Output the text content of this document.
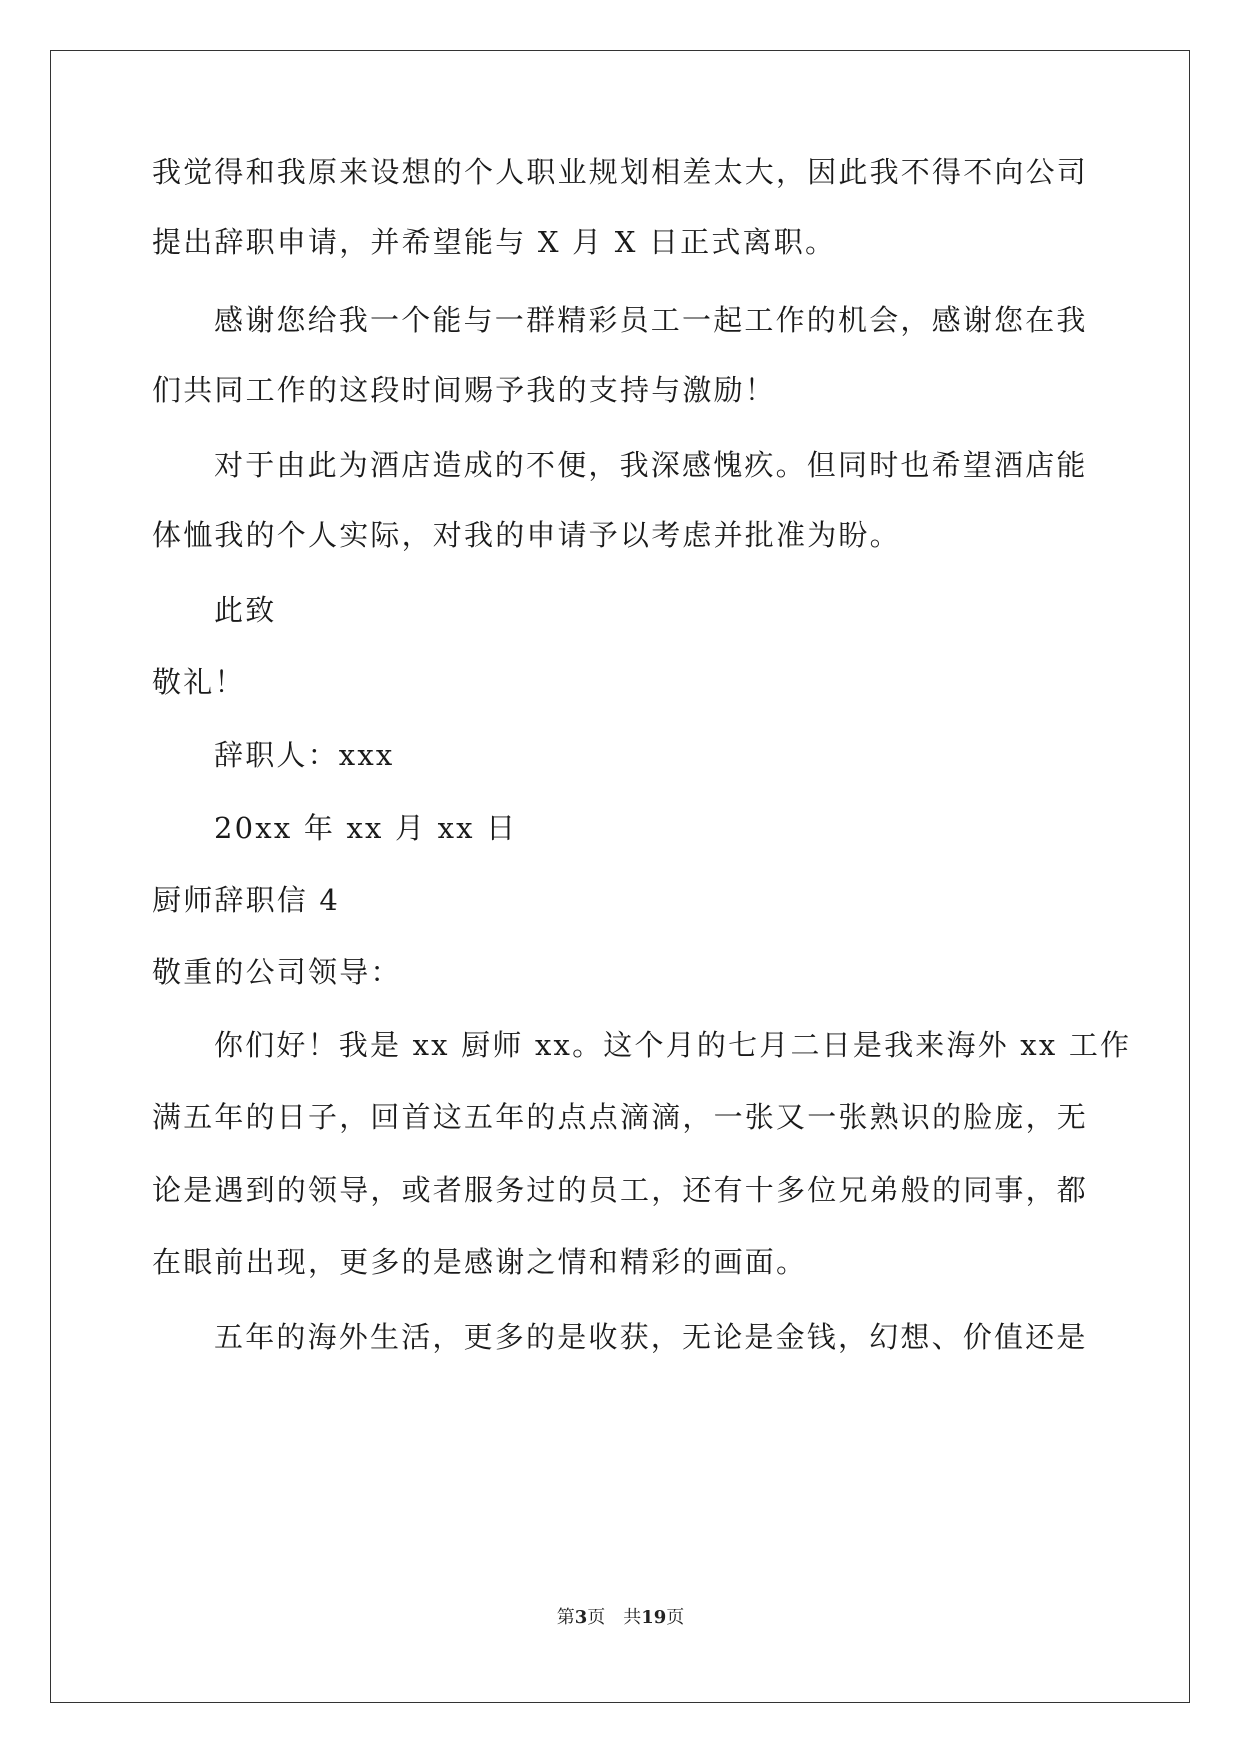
我觉得和我原来设想的个人职业规划相差太大，因此我不得不向公司
提出辞职申请，并希望能与 X 月 X 日正式离职。
感谢您给我一个能与一群精彩员工一起工作的机会，感谢您在我
们共同工作的这段时间赐予我的支持与激励！
对于由此为酒店造成的不便，我深感愧疚。但同时也希望酒店能
体恤我的个人实际，对我的申请予以考虑并批准为盼。
此致
敬礼！
辞职人：xxx
20xx 年 xx 月 xx 日
厨师辞职信 4
敬重的公司领导：
你们好！我是 xx 厨师 xx。这个月的七月二日是我来海外 xx 工作
满五年的日子，回首这五年的点点滴滴，一张又一张熟识的脸庞，无
论是遇到的领导，或者服务过的员工，还有十多位兄弟般的同事，都
在眼前出现，更多的是感谢之情和精彩的画面。
五年的海外生活，更多的是收获，无论是金钱，幻想、价值还是
第3页 共19页
